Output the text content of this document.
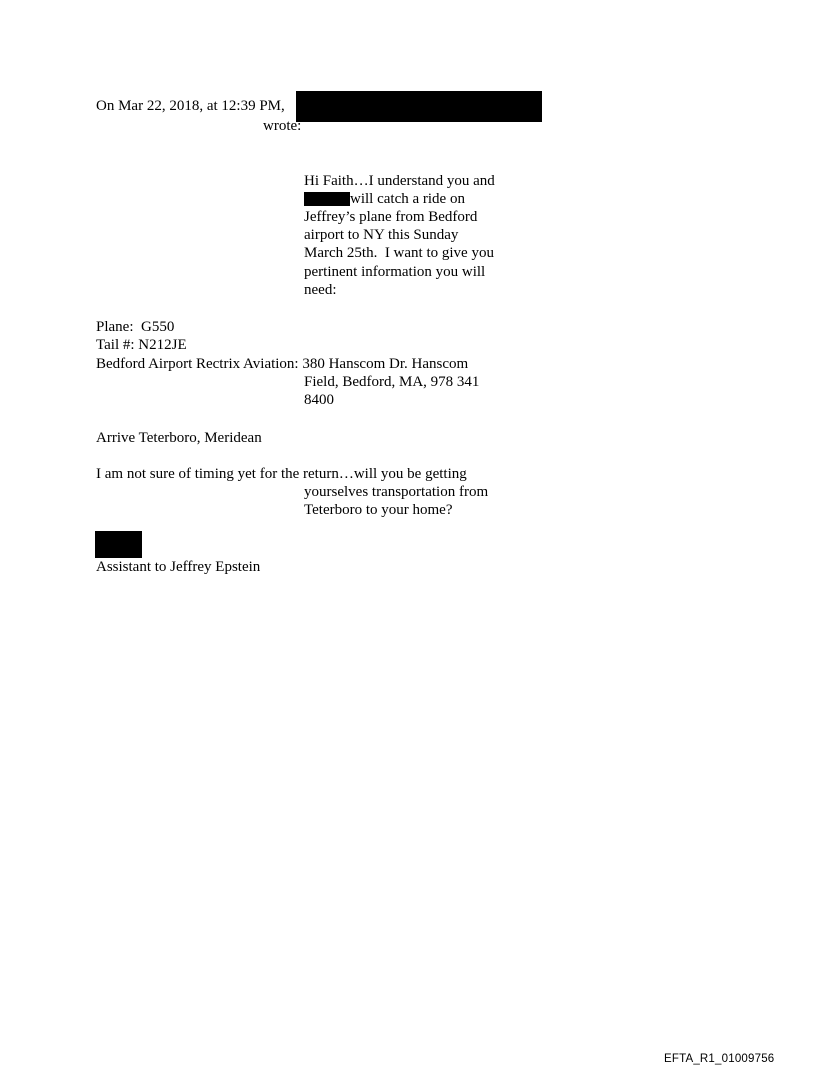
On Mar 22, 2018, at 12:39 PM,
wrote:
Hi Faith…I understand you and
will catch a ride on
Jeffrey’s plane from Bedford
airport to NY this Sunday
March 25th.  I want to give you
pertinent information you will
need:
Plane:  G550
Tail #: N212JE
Bedford Airport Rectrix Aviation: 380 Hanscom Dr. Hanscom
Field, Bedford, MA, 978 341
8400
Arrive Teterboro, Meridean
I am not sure of timing yet for the return…will you be getting
yourselves transportation from
Teterboro to your home?
Assistant to Jeffrey Epstein
EFTA_R1_01009756
